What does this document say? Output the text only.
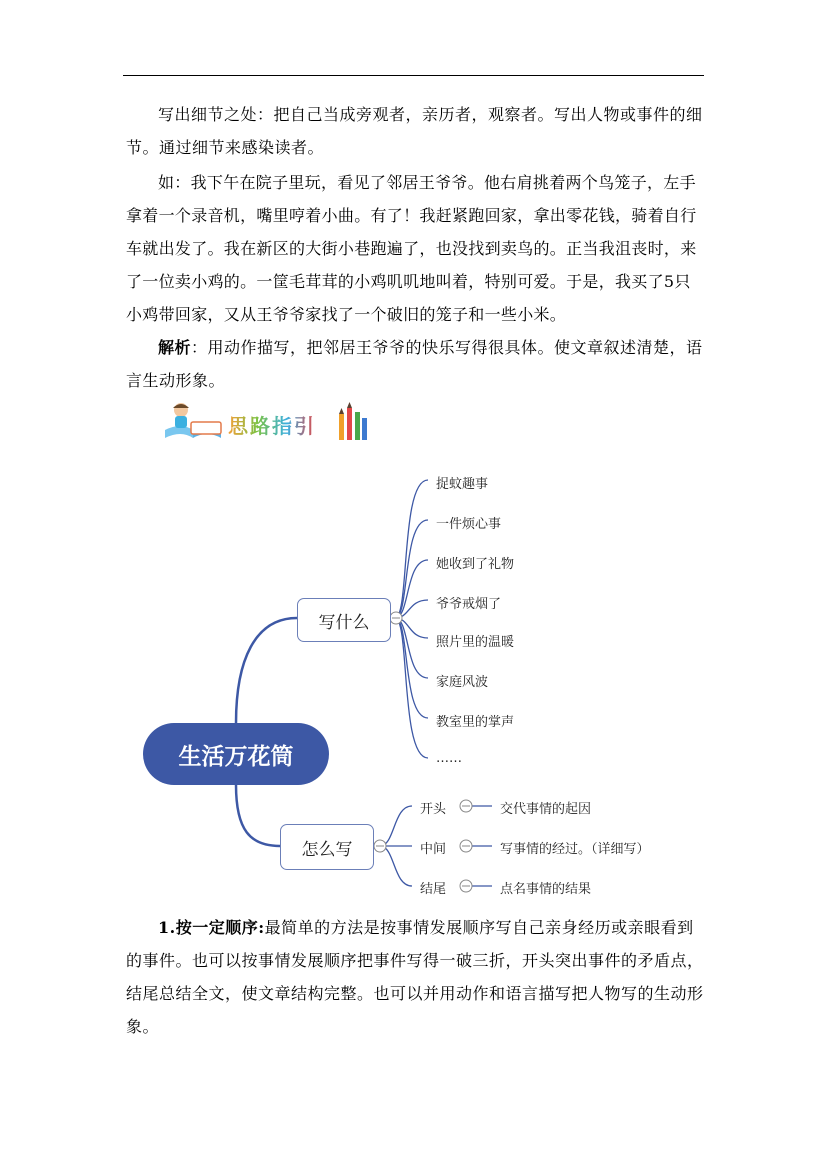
写出细节之处：把自己当成旁观者，亲历者，观察者。写出人物或事件的细节。通过细节来感染读者。

如：我下午在院子里玩，看见了邻居王爷爷。他右肩挑着两个鸟笼子，左手拿着一个录音机，嘴里哼着小曲。有了！我赶紧跑回家，拿出零花钱，骑着自行车就出发了。我在新区的大街小巷跑遍了，也没找到卖鸟的。正当我沮丧时，来了一位卖小鸡的。一筐毛茸茸的小鸡叽叽地叫着，特别可爱。于是，我买了5只小鸡带回家，又从王爷爷家找了一个破旧的笼子和一些小米。

解析：用动作描写，把邻居王爷爷的快乐写得很具体。使文章叙述清楚，语言生动形象。

思路指引
生活万花筒
写什么
怎么写
捉蚊趣事
一件烦心事
她收到了礼物
爷爷戒烟了
照片里的温暖
家庭风波
教室里的掌声
……
开头
中间
结尾
交代事情的起因
写事情的经过。（详细写）
点名事情的结果

1.按一定顺序:最简单的方法是按事情发展顺序写自己亲身经历或亲眼看到的事件。也可以按事情发展顺序把事件写得一破三折，开头突出事件的矛盾点，结尾总结全文，使文章结构完整。也可以并用动作和语言描写把人物写的生动形象。
